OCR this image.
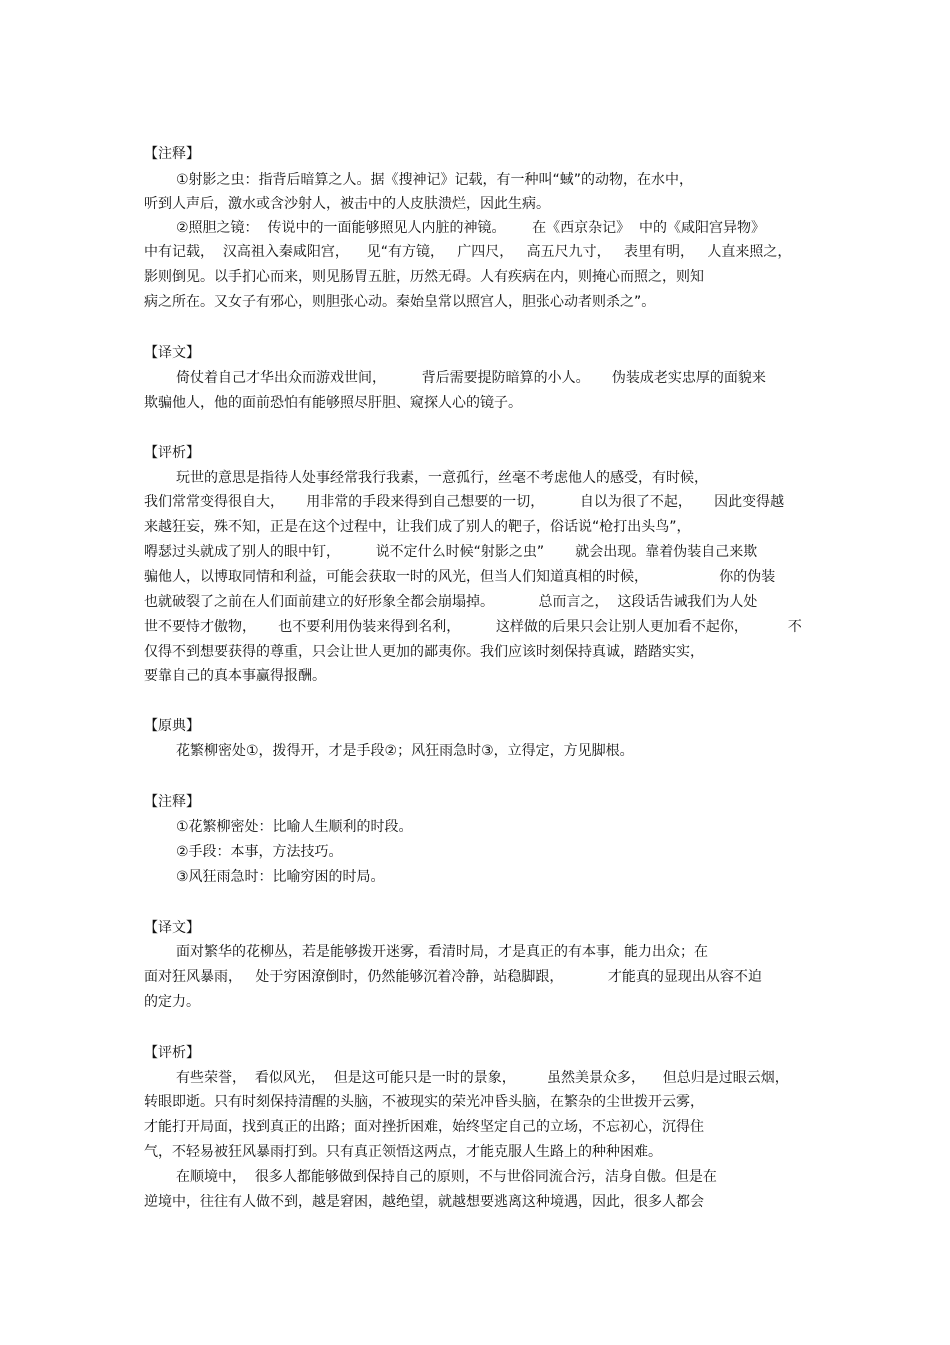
【注释】
①射影之虫：指背后暗算之人。据《搜神记》记载，有一种叫“蜮”的动物，在水中，
听到人声后，激水或含沙射人，被击中的人皮肤溃烂，因此生病。
②照胆之镜：  传说中的一面能够照见人内脏的神镜。      在《西京杂记》  中的《咸阳宫异物》
中有记载，  汉高祖入秦咸阳宫，    见“有方镜，   广四尺，   高五尺九寸，   表里有明，   人直来照之，
影则倒见。以手扪心而来，则见肠胃五脏，历然无碍。人有疾病在内，则掩心而照之，则知
病之所在。又女子有邪心，则胆张心动。秦始皇常以照宫人，胆张心动者则杀之”。
【译文】
倚仗着自己才华出众而游戏世间，        背后需要提防暗算的小人。     伪装成老实忠厚的面貌来
欺骗他人，他的面前恐怕有能够照尽肝胆、窥探人心的镜子。
【评析】
玩世的意思是指待人处事经常我行我素，一意孤行，丝毫不考虑他人的感受，有时候，
我们常常变得很自大，     用非常的手段来得到自己想要的一切，        自以为很了不起，     因此变得越
来越狂妄，殊不知，正是在这个过程中，让我们成了别人的靶子，俗话说“枪打出头鸟”，
嘚瑟过头就成了别人的眼中钉，        说不定什么时候“射影之虫”       就会出现。靠着伪装自己来欺
骗他人，以博取同情和利益，可能会获取一时的风光，但当人们知道真相的时候，                你的伪装
也就破裂了之前在人们面前建立的好形象全都会崩塌掉。          总而言之，  这段话告诫我们为人处
世不要恃才傲物，     也不要利用伪装来得到名利，        这样做的后果只会让别人更加看不起你，         不
仅得不到想要获得的尊重，只会让世人更加的鄙夷你。我们应该时刻保持真诚，踏踏实实，
要靠自己的真本事赢得报酬。
【原典】
花繁柳密处①，拨得开，才是手段②；风狂雨急时③，立得定，方见脚根。
【注释】
①花繁柳密处：比喻人生顺利的时段。
②手段：本事，方法技巧。
③风狂雨急时：比喻穷困的时局。
【译文】
面对繁华的花柳丛，若是能够拨开迷雾，看清时局，才是真正的有本事，能力出众；在
面对狂风暴雨，   处于穷困潦倒时，仍然能够沉着冷静，站稳脚跟，          才能真的显现出从容不迫
的定力。
【评析】
有些荣誉，  看似风光，  但是这可能只是一时的景象，       虽然美景众多，    但总归是过眼云烟，
转眼即逝。只有时刻保持清醒的头脑，不被现实的荣光冲昏头脑，在繁杂的尘世拨开云雾，
才能打开局面，找到真正的出路；面对挫折困难，始终坚定自己的立场，不忘初心，沉得住
气，不轻易被狂风暴雨打到。只有真正领悟这两点，才能克服人生路上的种种困难。
在顺境中，  很多人都能够做到保持自己的原则，不与世俗同流合污，洁身自傲。但是在
逆境中，往往有人做不到，越是窘困，越绝望，就越想要逃离这种境遇，因此，很多人都会
